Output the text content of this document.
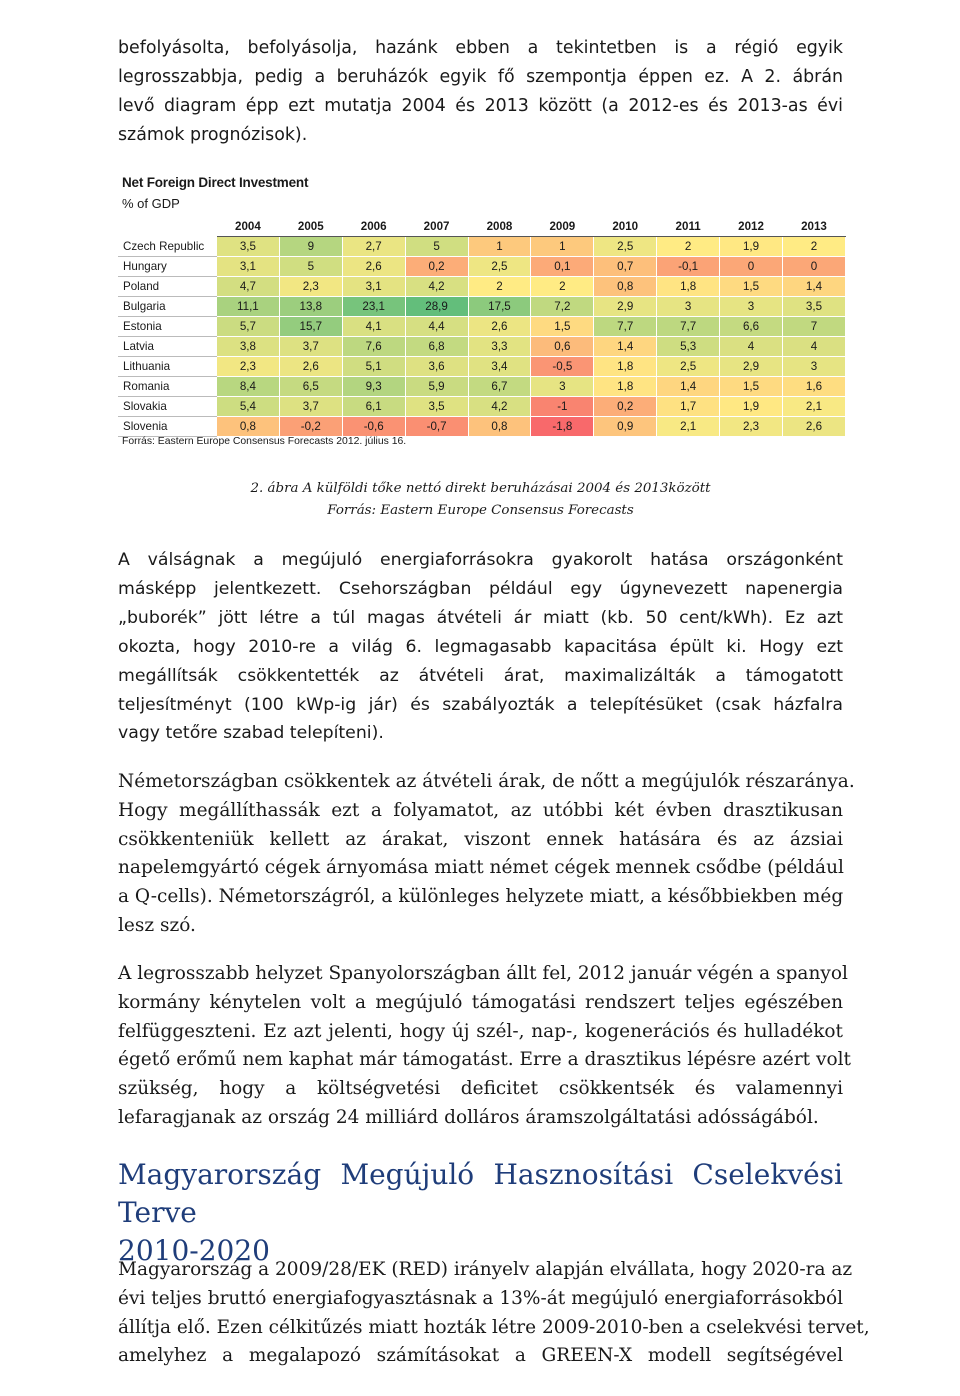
befolyásolta, befolyásolja, hazánk ebben a tekintetben is a régió egyik
legrosszabbja, pedig a beruházók egyik fő szempontja éppen ez. A 2. ábrán
levő diagram épp ezt mutatja 2004 és 2013 között (a 2012-es és 2013-as évi
számok prognózisok).

Net Foreign Direct Investment
% of GDP
	2004	2005	2006	2007	2008	2009	2010	2011	2012	2013
Czech Republic	3,5	9	2,7	5	1	1	2,5	2	1,9	2
Hungary	3,1	5	2,6	0,2	2,5	0,1	0,7	-0,1	0	0
Poland	4,7	2,3	3,1	4,2	2	2	0,8	1,8	1,5	1,4
Bulgaria	11,1	13,8	23,1	28,9	17,5	7,2	2,9	3	3	3,5
Estonia	5,7	15,7	4,1	4,4	2,6	1,5	7,7	7,7	6,6	7
Latvia	3,8	3,7	7,6	6,8	3,3	0,6	1,4	5,3	4	4
Lithuania	2,3	2,6	5,1	3,6	3,4	-0,5	1,8	2,5	2,9	3
Romania	8,4	6,5	9,3	5,9	6,7	3	1,8	1,4	1,5	1,6
Slovakia	5,4	3,7	6,1	3,5	4,2	-1	0,2	1,7	1,9	2,1
Slovenia	0,8	-0,2	-0,6	-0,7	0,8	-1,8	0,9	2,1	2,3	2,6
Forrás: Eastern Europe Consensus Forecasts 2012. július 16.
2. ábra A külföldi tőke nettó direkt beruházásai 2004 és 2013között
Forrás: Eastern Europe Consensus Forecasts

A válságnak a megújuló energiaforrásokra gyakorolt hatása országonként
másképp jelentkezett. Csehországban például egy úgynevezett napenergia
„buborék” jött létre a túl magas átvételi ár miatt (kb. 50 cent/kWh). Ez azt
okozta, hogy 2010-re a világ 6. legmagasabb kapacitása épült ki. Hogy ezt
megállítsák csökkentették az átvételi árat, maximalizálták a támogatott
teljesítményt (100 kWp-ig jár) és szabályozták a telepítésüket (csak házfalra
vagy tetőre szabad telepíteni).

Németországban csökkentek az átvételi árak, de nőtt a megújulók részaránya.
Hogy megállíthassák ezt a folyamatot, az utóbbi két évben drasztikusan
csökkenteniük kellett az árakat, viszont ennek hatására és az ázsiai
napelemgyártó cégek árnyomása miatt német cégek mennek csődbe (például
a Q-cells). Németországról, a különleges helyzete miatt, a későbbiekben még
lesz szó.

A legrosszabb helyzet Spanyolországban állt fel, 2012 január végén a spanyol
kormány kénytelen volt a megújuló támogatási rendszert teljes egészében
felfüggeszteni. Ez azt jelenti, hogy új szél-, nap-, kogenerációs és hulladékot
égető erőmű nem kaphat már támogatást. Erre a drasztikus lépésre azért volt
szükség, hogy a költségvetési deficitet csökkentsék és valamennyi
lefaragjanak az ország 24 milliárd dolláros áramszolgáltatási adósságából.

Magyarország Megújuló Hasznosítási Cselekvési Terve
2010-2020

Magyarország a 2009/28/EK (RED) irányelv alapján elvállata, hogy 2020-ra az
évi teljes bruttó energiafogyasztásnak a 13%-át megújuló energiaforrásokból
állítja elő. Ezen célkitűzés miatt hozták létre 2009-2010-ben a cselekvési tervet,
amelyhez a megalapozó számításokat a GREEN-X modell segítségével
